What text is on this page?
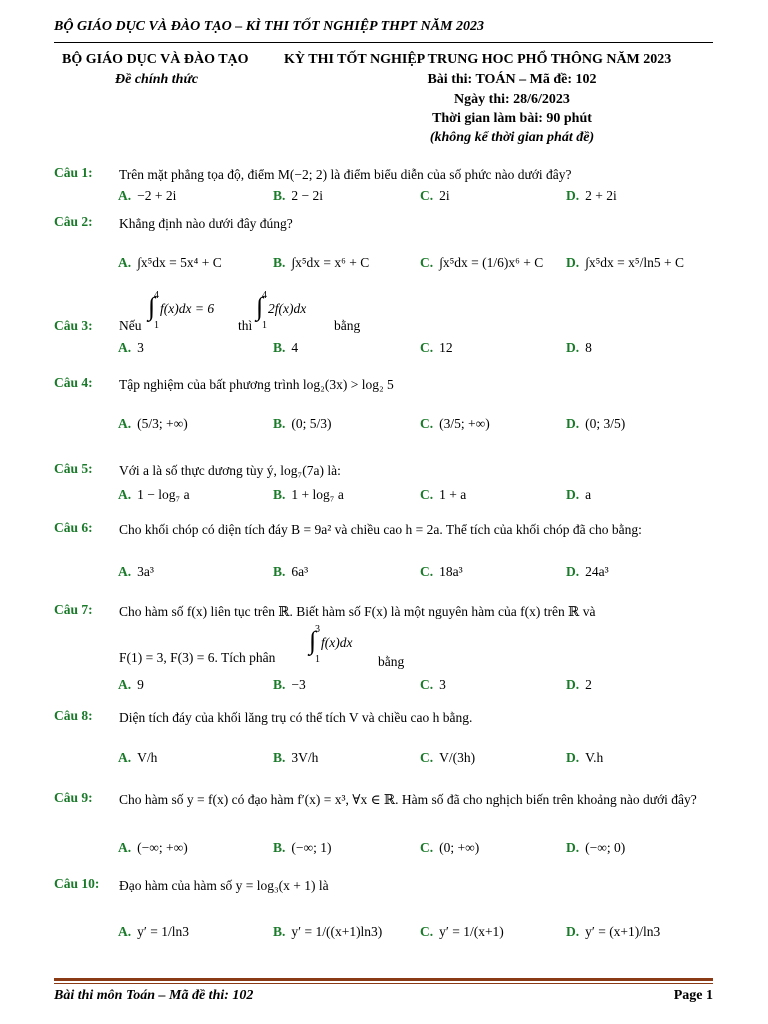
BỘ GIÁO DỤC VÀ ĐÀO TẠO – KÌ THI TỐT NGHIỆP THPT NĂM 2023
BỘ GIÁO DỤC VÀ ĐÀO TẠO	KỲ THI TỐT NGHIỆP TRUNG HOC PHỔ THÔNG NĂM 2023
Đề chính thức	Bài thi: TOÁN – Mã đề: 102
Ngày thi: 28/6/2023
Thời gian làm bài: 90 phút
(không kể thời gian phát đề)
Câu 1: Trên mặt phẳng tọa độ, điểm M(−2; 2) là điểm biểu diễn của số phức nào dưới đây?
A. −2 + 2i	B. 2 − 2i	C. 2i	D. 2 + 2i
Câu 2: Khẳng định nào dưới đây đúng?
A. ∫x⁵dx = 5x⁴ + C	B. ∫x⁵dx = x⁶ + C	C. ∫x⁵dx = (1/6)x⁶ + C D. ∫x⁵dx = x⁵/ln5 + C
Câu 3: Nếu
4
∫
1
f(x)dx = 6
thì
4
∫
1
2f(x)dx
bằng
A. 3	B. 4	C. 12	D. 8
Câu 4: Tập nghiệm của bất phương trình log₂(3x) > log₂ 5
A. (5/3; +∞)	B. (0; 5/3)	C. (3/5; +∞)	D. (0; 3/5)
Câu 5: Với a là số thực dương tùy ý, log₇(7a) là:
A. 1 − log₇ a	B. 1 + log₇ a	C. 1 + a	D. a
Câu 6: Cho khối chóp có diện tích đáy B = 9a² và chiều cao h = 2a. Thể tích của khối chóp đã cho bằng:
A. 3a³	B. 6a³	C. 18a³	D. 24a³
Câu 7: Cho hàm số f(x) liên tục trên ℝ. Biết hàm số F(x) là một nguyên hàm của f(x) trên ℝ và
F(1) = 3, F(3) = 6. Tích phân
3
∫
1
f(x)dx
bằng
A. 9	B. −3	C. 3	D. 2
Câu 8: Diện tích đáy của khối lăng trụ có thể tích V và chiều cao h bằng.
A. V/h	B. 3V/h	C. V/(3h)	D. V.h
Câu 9: Cho hàm số y = f(x) có đạo hàm f′(x) = x³, ∀x ∈ ℝ. Hàm số đã cho nghịch biến trên khoảng nào dưới đây?
A. (−∞; +∞)	B. (−∞; 1)	C. (0; +∞)	D. (−∞; 0)
Câu 10: Đạo hàm của hàm số y = log₃(x + 1) là
A. y′ = 1/ln3	B. y′ = 1/((x+1)ln3)	C. y′ = 1/(x+1)	D. y′ = (x+1)/ln3
Bài thi môn Toán – Mã đề thi: 102	Page 1
